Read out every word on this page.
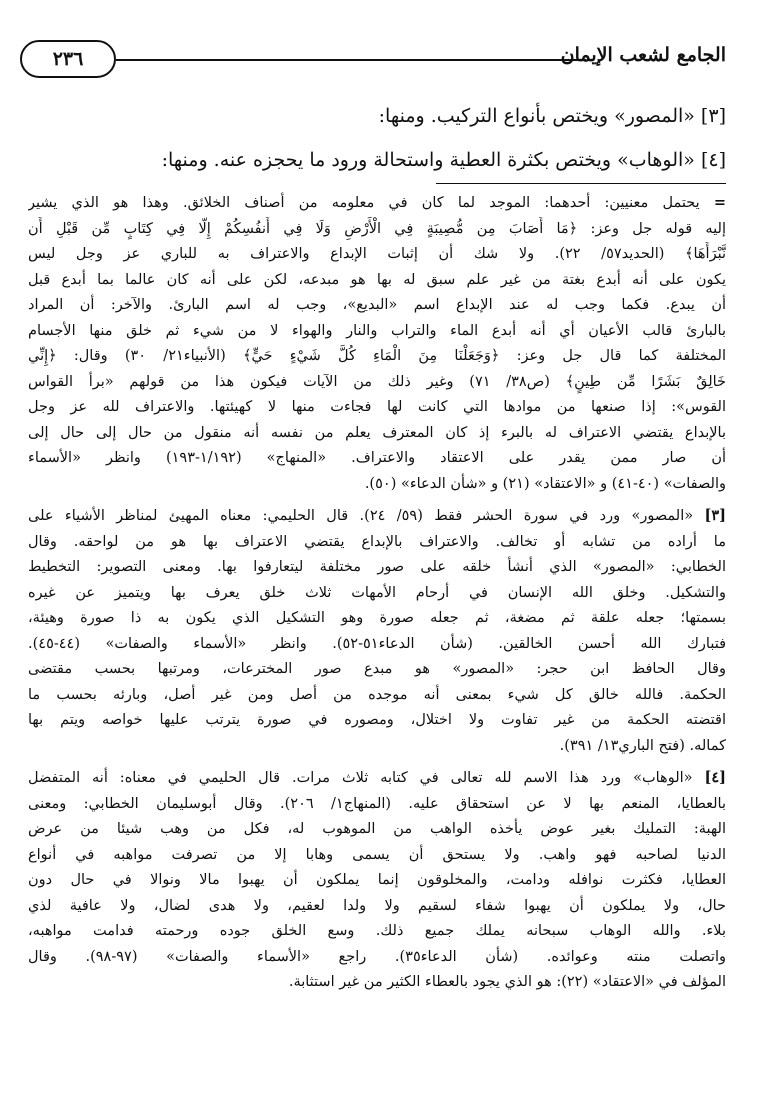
٢٣٦	الجامع لشعب الإيمان
[٣] «المصور» ويختص بأنواع التركيب. ومنها:
[٤] «الوهاب» ويختص بكثرة العطية واستحالة ورود ما يحجزه عنه. ومنها:
= يحتمل معنيين: أحدهما: الموجد لما كان في معلومه من أصناف الخلائق. وهذا هو الذي يشير
إليه قوله جل وعز: ﴿مَا أَصَابَ مِن مُّصِيبَةٍ فِي الْأَرْضِ وَلَا فِي أَنفُسِكُمْ إِلَّا فِي كِتَابٍ مِّن قَبْلِ أَن
نَّبْرَأَهَا﴾ (الحديد٥٧/ ٢٢). ولا شك أن إثبات الإبداع والاعتراف به للباري عز وجل ليس
يكون على أنه أبدع بغتة من غير علم سبق له بها هو مبدعه، لكن على أنه كان عالما بما أبدع قبل
أن يبدع. فكما وجب له عند الإبداع اسم «البديع»، وجب له اسم البارئ. والآخر: أن المراد
بالبارئ قالب الأعيان أي أنه أبدع الماء والتراب والنار والهواء لا من شيء ثم خلق منها الأجسام
المختلفة كما قال جل وعز: ﴿وَجَعَلْنَا مِنَ الْمَاءِ كُلَّ شَيْءٍ حَيٍّ﴾ (الأنبياء٢١/ ٣٠) وقال: ﴿إِنِّي
خَالِقٌ بَشَرًا مِّن طِينٍ﴾ (ص٣٨/ ٧١) وغير ذلك من الآيات فيكون هذا من قولهم «برأ القواس
القوس»: إذا صنعها من موادها التي كانت لها فجاءت منها لا كهيئتها. والاعتراف لله عز وجل
بالإبداع يقتضي الاعتراف له بالبرء إذ كان المعترف يعلم من نفسه أنه منقول من حال إلى حال إلى
أن صار ممن يقدر على الاعتقاد والاعتراف. «المنهاج» (١/١٩٢-١٩٣) وانظر «الأسماء
والصفات» (٤٠-٤١) و «الاعتقاد» (٢١) و «شأن الدعاء» (٥٠).
[٣] «المصور» ورد في سورة الحشر فقط (٥٩/ ٢٤). قال الحليمي: معناه المهيئ لمناظر الأشياء على
ما أراده من تشابه أو تخالف. والاعتراف بالإبداع يقتضي الاعتراف بها هو من لواحقه. وقال
الخطابي: «المصور» الذي أنشأ خلقه على صور مختلفة ليتعارفوا بها. ومعنى التصوير: التخطيط
والتشكيل. وخلق الله الإنسان في أرحام الأمهات ثلاث خلق يعرف بها ويتميز عن غيره
بسمتها؛ جعله علقة ثم مضغة، ثم جعله صورة وهو التشكيل الذي يكون به ذا صورة وهيئة،
فتبارك الله أحسن الخالقين. (شأن الدعاء٥١-٥٢). وانظر «الأسماء والصفات» (٤٤-٤٥).
وقال الحافظ ابن حجر: «المصور» هو مبدع صور المخترعات، ومرتبها بحسب مقتضى
الحكمة. فالله خالق كل شيء بمعنى أنه موجده من أصل ومن غير أصل، وبارئه بحسب ما
اقتضته الحكمة من غير تفاوت ولا اختلال، ومصوره في صورة يترتب عليها خواصه ويتم بها
كماله. (فتح الباري١٣/ ٣٩١).
[٤] «الوهاب» ورد هذا الاسم لله تعالى في كتابه ثلاث مرات. قال الحليمي في معناه: أنه المتفضل
بالعطايا، المنعم بها لا عن استحقاق عليه. (المنهاج١/ ٢٠٦). وقال أبوسليمان الخطابي: ومعنى
الهبة: التمليك بغير عوض يأخذه الواهب من الموهوب له، فكل من وهب شيئا من عرض
الدنيا لصاحبه فهو واهب. ولا يستحق أن يسمى وهابا إلا من تصرفت مواهبه في أنواع
العطايا، فكثرت نوافله ودامت، والمخلوقون إنما يملكون أن يهبوا مالا ونوالا في حال دون
حال، ولا يملكون أن يهبوا شفاء لسقيم ولا ولدا لعقيم، ولا هدى لضال، ولا عافية لذي
بلاء. والله الوهاب سبحانه يملك جميع ذلك. وسع الخلق جوده ورحمته فدامت مواهبه،
واتصلت منته وعوائده. (شأن الدعاء٣٥). راجع «الأسماء والصفات» (٩٧-٩٨). وقال
المؤلف في «الاعتقاد» (٢٢): هو الذي يجود بالعطاء الكثير من غير استثابة.
